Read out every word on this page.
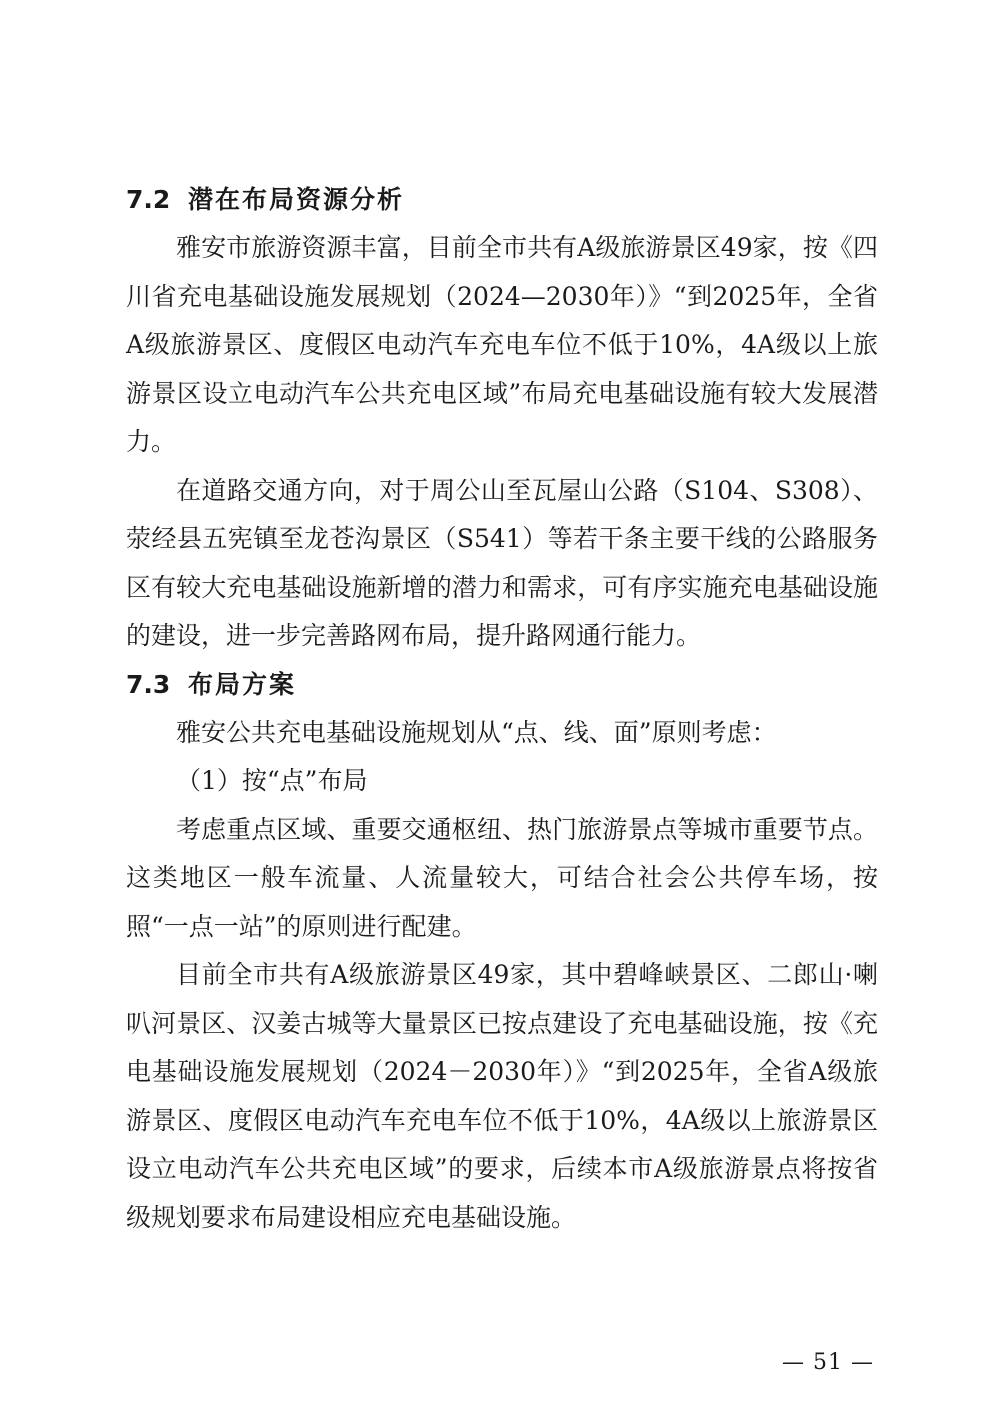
7.2 潜在布局资源分析

雅安市旅游资源丰富，目前全市共有A级旅游景区49家，按《四川省充电基础设施发展规划（2024—2030年）》“到2025年，全省A级旅游景区、度假区电动汽车充电车位不低于10%，4A级以上旅游景区设立电动汽车公共充电区域”布局充电基础设施有较大发展潜力。

在道路交通方向，对于周公山至瓦屋山公路（S104、S308）、荥经县五宪镇至龙苍沟景区（S541）等若干条主要干线的公路服务区有较大充电基础设施新增的潜力和需求，可有序实施充电基础设施的建设，进一步完善路网布局，提升路网通行能力。

7.3 布局方案

雅安公共充电基础设施规划从“点、线、面”原则考虑：

（1）按“点”布局

考虑重点区域、重要交通枢纽、热门旅游景点等城市重要节点。这类地区一般车流量、人流量较大，可结合社会公共停车场，按照“一点一站”的原则进行配建。

目前全市共有A级旅游景区49家，其中碧峰峡景区、二郎山·喇叭河景区、汉姜古城等大量景区已按点建设了充电基础设施，按《充电基础设施发展规划（2024－2030年）》“到2025年，全省A级旅游景区、度假区电动汽车充电车位不低于10%，4A级以上旅游景区设立电动汽车公共充电区域”的要求，后续本市A级旅游景点将按省级规划要求布局建设相应充电基础设施。

— 51 —
